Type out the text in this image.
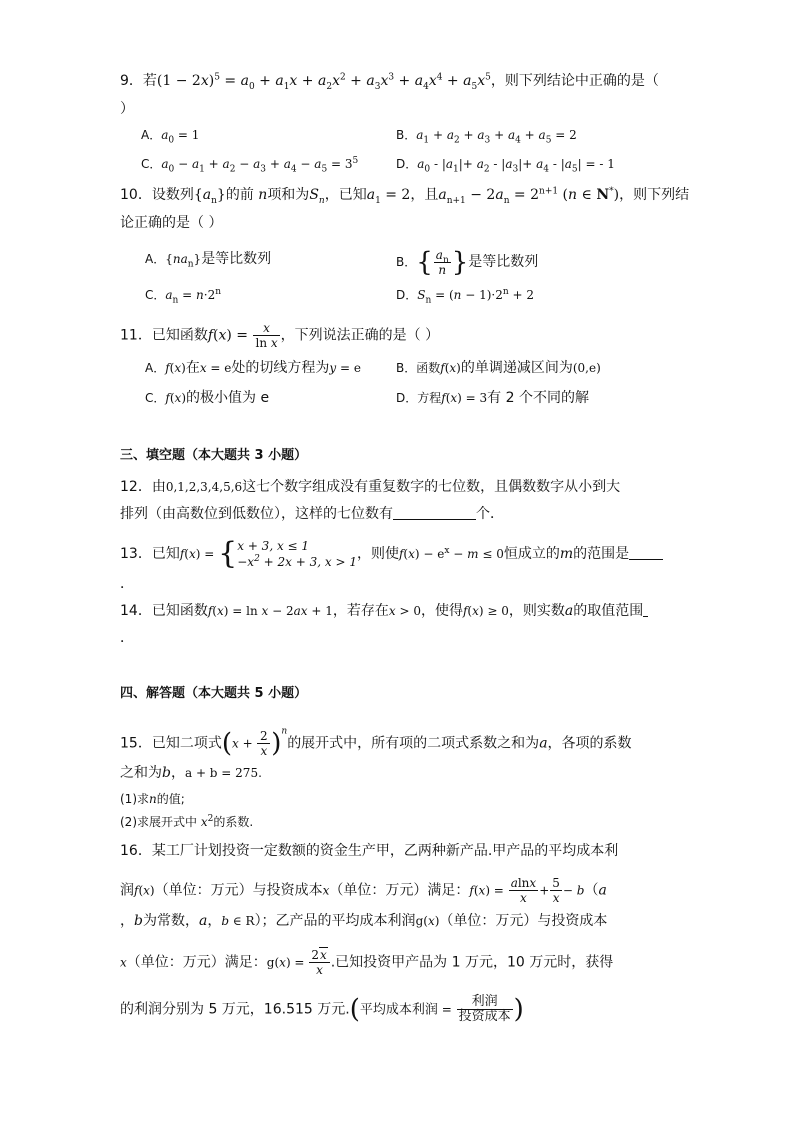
9．若$(1 - 2x)^5 = a_0 + a_1x + a_2x^2 + a_3x^3 + a_4x^4 + a_5x^5$，则下列结论中正确的是（
）
A．$a_0 = 1$	B．$a_1 + a_2 + a_3 + a_4 + a_5 = 2$
C．$a_0 - a_1 + a_2 - a_3 + a_4 - a_5 = 3^5$	D．$a_0 - |a_1|+ a_2 - |a_3|+ a_4 - |a_5|$ = - 1
10．设数列$\{a_n\}$的前 n项和为$S_n$，已知$a_1 = 2$，且$a_{n+1} - 2a_n = 2^{n+1}$ (n ∈ N*)，则下列结
论正确的是（ ）
A．$\{na_n\}$是等比数列	B．{ $\frac{a_n}{n}$ }是等比数列
C．$a_n = n\cdot 2^n$	D．$S_n = (n - 1)\cdot 2^n + 2$
11．已知函数$f(x) = \frac{x}{\text{ln x}}$ ，下列说法正确的是（ ）
A．f(x)在x = e处的切线方程为y = e	B．函数f(x)的单调递减区间为(0,e)
C．f(x)的极小值为 e	D．方程f(x) = 3有 2 个不同的解
三、填空题（本大题共 3 小题）
12．由0,1,2,3,4,5,6这七个数字组成没有重复数字的七位数，且偶数数字从小到大
排列（由高数位到低数位），这样的七位数有	个．
13．已知f(x) = { x + 3, x ≤ 1
$-x^2 + 2x + 3$, x > 1 ，则使$f(x) - e^x - m \le 0$恒成立的m的范围是
．
14．已知函数f(x) = ln x − 2ax + 1，若存在x > 0，使得f(x) ≥ 0，则实数a的取值范围
．
四、解答题（本大题共 5 小题）
15．已知二项式$(x + \frac{2}{x} )^n$的展开式中，所有项的二项式系数之和为a，各项的系数
之和为b，a + b = 275.
(1)求n的值;
(2)求展开式中 $x^2$的系数.
16．某工厂计划投资一定数额的资金生产甲，乙两种新产品.甲产品的平均成本利
润f(x)（单位：万元）与投资成本x（单位：万元）满足：$f(x) = \frac{alnx}{x} + \frac{5}{x} - b(a$
，b为常数，a，b ∈ R）；乙产品的平均成本利润g(x)（单位：万元）与投资成本
x（单位：万元）满足：$g(x) = \frac{2x}{x}$ .已知投资甲产品为 1 万元，10 万元时，获得
的利润分别为 5 万元，16.515 万元.(平均成本利润 = $\frac{\text{利润}}{\text{投资成本}}$ )
